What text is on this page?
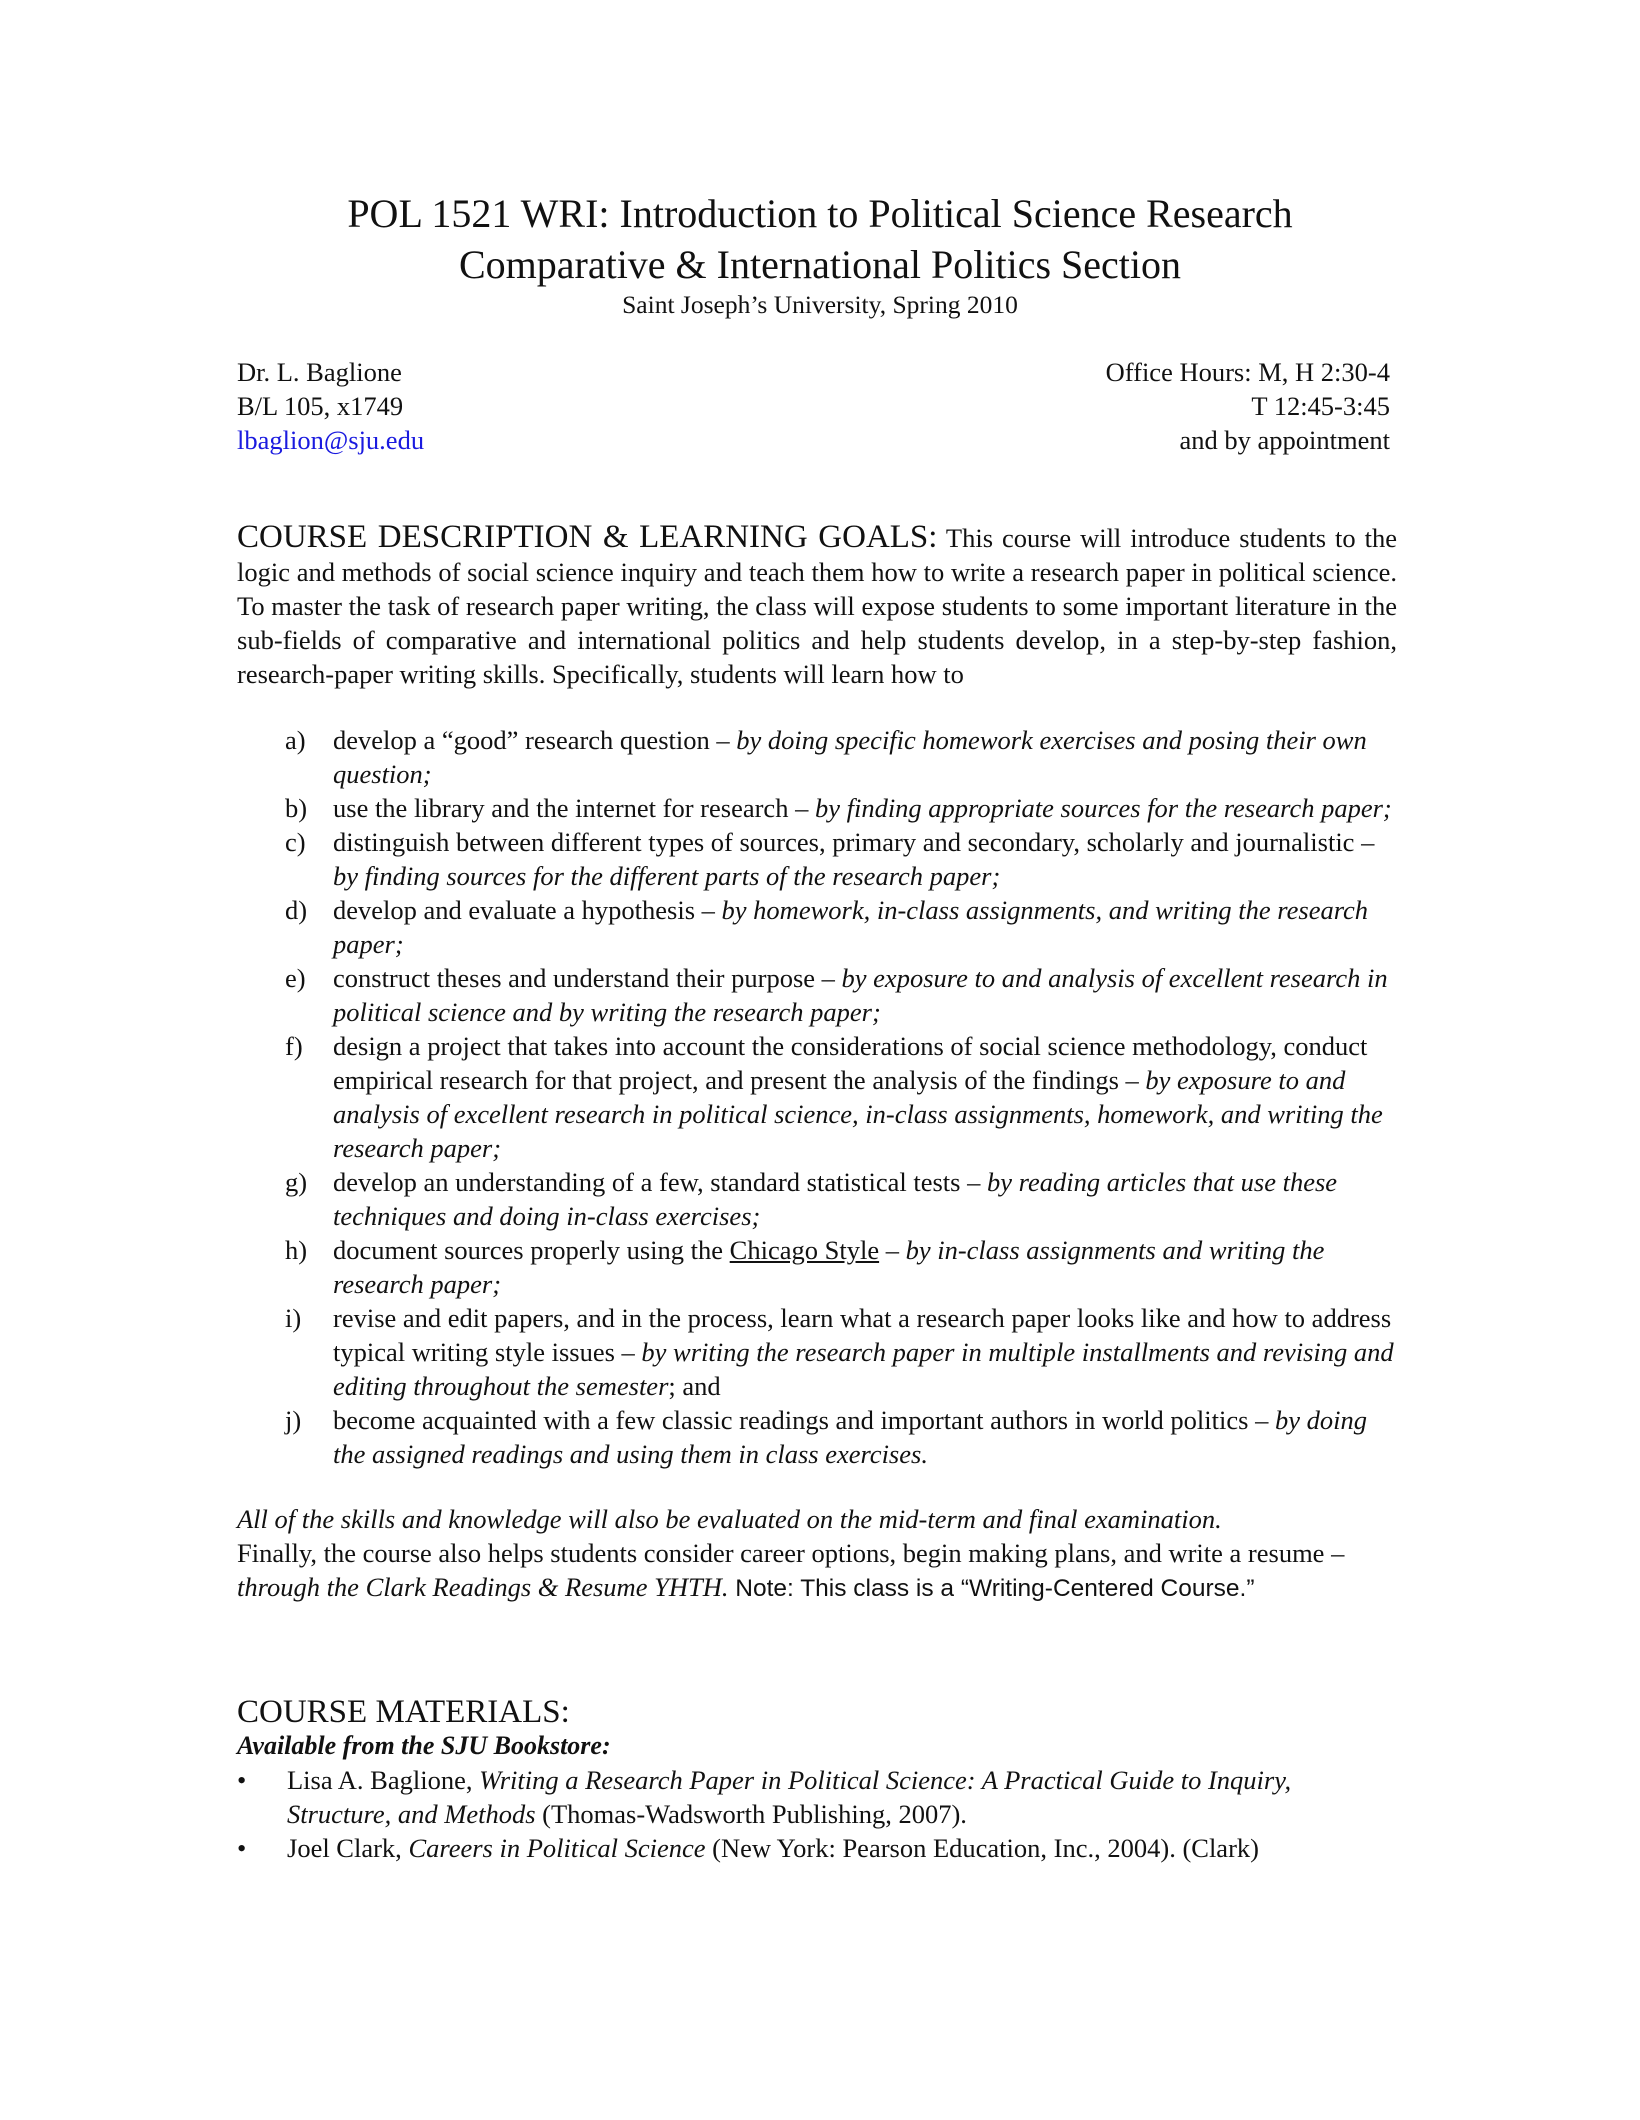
POL 1521 WRI: Introduction to Political Science Research
Comparative & International Politics Section
Saint Joseph’s University, Spring 2010
Dr. L. Baglione
B/L 105, x1749
lbaglion@sju.edu
Office Hours: M, H 2:30-4
T 12:45-3:45
and by appointment
COURSE DESCRIPTION & LEARNING GOALS: This course will introduce students to the logic and methods of social science inquiry and teach them how to write a research paper in political science. To master the task of research paper writing, the class will expose students to some important literature in the sub-fields of comparative and international politics and help students develop, in a step-by-step fashion, research-paper writing skills. Specifically, students will learn how to
a) develop a “good” research question – by doing specific homework exercises and posing their own question;
b) use the library and the internet for research – by finding appropriate sources for the research paper;
c) distinguish between different types of sources, primary and secondary, scholarly and journalistic – by finding sources for the different parts of the research paper;
d) develop and evaluate a hypothesis – by homework, in-class assignments, and writing the research paper;
e) construct theses and understand their purpose – by exposure to and analysis of excellent research in political science and by writing the research paper;
f) design a project that takes into account the considerations of social science methodology, conduct empirical research for that project, and present the analysis of the findings – by exposure to and analysis of excellent research in political science, in-class assignments, homework, and writing the research paper;
g) develop an understanding of a few, standard statistical tests – by reading articles that use these techniques and doing in-class exercises;
h) document sources properly using the Chicago Style – by in-class assignments and writing the research paper;
i) revise and edit papers, and in the process, learn what a research paper looks like and how to address typical writing style issues – by writing the research paper in multiple installments and revising and editing throughout the semester; and
j) become acquainted with a few classic readings and important authors in world politics – by doing the assigned readings and using them in class exercises.
All of the skills and knowledge will also be evaluated on the mid-term and final examination.
Finally, the course also helps students consider career options, begin making plans, and write a resume – through the Clark Readings & Resume YHTH. Note: This class is a “Writing-Centered Course.”
COURSE MATERIALS:
Available from the SJU Bookstore:
• Lisa A. Baglione, Writing a Research Paper in Political Science: A Practical Guide to Inquiry, Structure, and Methods (Thomas-Wadsworth Publishing, 2007).
• Joel Clark, Careers in Political Science (New York: Pearson Education, Inc., 2004). (Clark)
